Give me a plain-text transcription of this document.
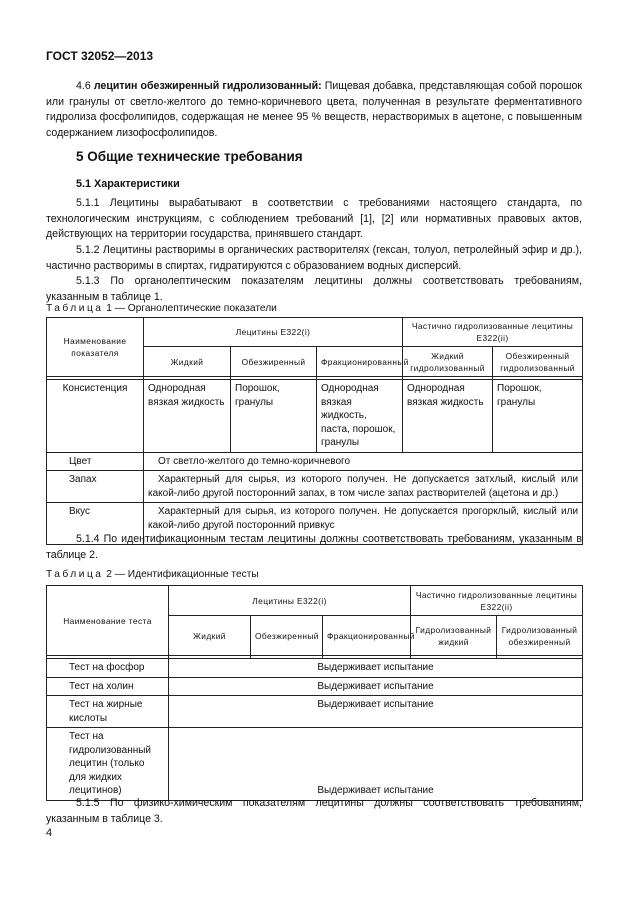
ГОСТ 32052—2013
4.6 лецитин обезжиренный гидролизованный: Пищевая добавка, представляющая собой порошок или гранулы от светло-желтого до темно-коричневого цвета, полученная в результате ферментативного гидролиза фосфолипидов, содержащая не менее 95 % веществ, нерастворимых в ацетоне, с повышенным содержанием лизофосфолипидов.
5 Общие технические требования
5.1 Характеристики
5.1.1 Лецитины вырабатывают в соответствии с требованиями настоящего стандарта, по технологическим инструкциям, с соблюдением требований [1], [2] или нормативных правовых актов, действующих на территории государства, принявшего стандарт.
5.1.2 Лецитины растворимы в органических растворителях (гексан, толуол, петролейный эфир и др.), частично растворимы в спиртах, гидратируются с образованием водных дисперсий.
5.1.3 По органолептическим показателям лецитины должны соответствовать требованиям, указанным в таблице 1.
Таблица 1 — Органолептические показатели
Наименование показателя	Лецитины E322(i)			Частично гидролизованные лецитины E322(ii)	
	Жидкий	Обезжиренный	Фракционированный	Жидкий гидролизованный	Обезжиренный гидролизованный

Консистенция	Однородная вязкая жидкость	Порошок, гранулы	Однородная вязкая жидкость, паста, порошок, гранулы	Однородная вязкая жидкость	Порошок, гранулы
Цвет	От светло-желтого до темно-коричневого				
Запах	Характерный для сырья, из которого получен. Не допускается затхлый, кислый или какой-либо другой посторонний запах, в том числе запах растворителей (ацетона и др.)				
Вкус	Характерный для сырья, из которого получен. Не допускается прогорклый, кислый или какой-либо другой посторонний привкус				
5.1.4 По идентификационным тестам лецитины должны соответствовать требованиям, указанным в таблице 2.
Таблица 2 — Идентификационные тесты
Наименование теста	Лецитины E322(i)			Частично гидролизованные лецитины E322(ii)	
	Жидкий	Обезжиренный	Фракционированный	Гидролизованный жидкий	Гидролизованный обезжиренный

Тест на фосфор	Выдерживает испытание				
Тест на холин	Выдерживает испытание				
Тест на жирные кислоты	Выдерживает испытание				
Тест на гидролизованный лецитин (только для жидких лецитинов)	Выдерживает испытание				
5.1.5 По физико-химическим показателям лецитины должны соответствовать требованиям, указанным в таблице 3.
4
